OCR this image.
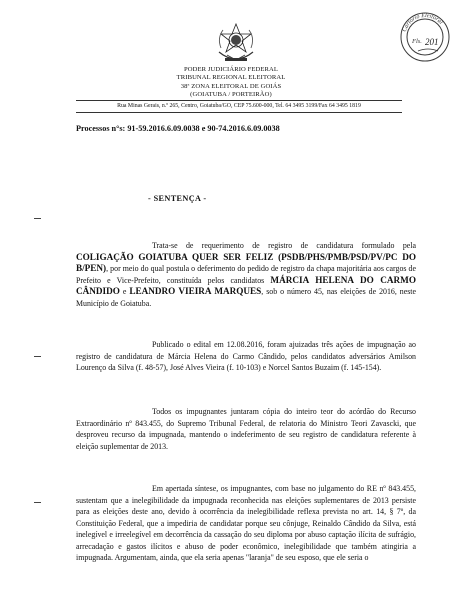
PODER JUDICIÁRIO FEDERAL
TRIBUNAL REGIONAL ELEITORAL
38ª ZONA ELEITORAL DE GOIÁS
(GOIATUBA / PORTEIRÃO)
Rua Minas Gerais, n.º 265, Centro, Goiatuba/GO, CEP 75.600-000, Tel. 64 3495 3199/Fax 64 3495 1819
Cartório Eleitoral
Fls. 201
Processos n°s: 91-59.2016.6.09.0038 e 90-74.2016.6.09.0038
- SENTENÇA -
Trata-se de requerimento de registro de candidatura formulado pela COLIGAÇÃO GOIATUBA QUER SER FELIZ (PSDB/PHS/PMB/PSD/PV/PC DO B/PEN), por meio do qual postula o deferimento do pedido de registro da chapa majoritária aos cargos de Prefeito e Vice-Prefeito, constituída pelos candidatos MÁRCIA HELENA DO CARMO CÂNDIDO e LEANDRO VIEIRA MARQUES, sob o número 45, nas eleições de 2016, neste Município de Goiatuba.
Publicado o edital em 12.08.2016, foram ajuizadas três ações de impugnação ao registro de candidatura de Márcia Helena do Carmo Cândido, pelos candidatos adversários Amilson Lourenço da Silva (f. 48-57), José Alves Vieira (f. 10-103) e Norcel Santos Buzaim (f. 145-154).
Todos os impugnantes juntaram cópia do inteiro teor do acórdão do Recurso Extraordinário nº 843.455, do Supremo Tribunal Federal, de relatoria do Ministro Teori Zavascki, que desproveu recurso da impugnada, mantendo o indeferimento de seu registro de candidatura referente à eleição suplementar de 2013.
Em apertada síntese, os impugnantes, com base no julgamento do RE nº 843.455, sustentam que a inelegibilidade da impugnada reconhecida nas eleições suplementares de 2013 persiste para as eleições deste ano, devido à ocorrência da inelegibilidade reflexa prevista no art. 14, § 7º, da Constituição Federal, que a impediria de candidatar porque seu cônjuge, Reinaldo Cândido da Silva, está inelegível e irreelegível em decorrência da cassação do seu diploma por abuso captação ilícita de sufrágio, arrecadação e gastos ilícitos e abuso de poder econômico, inelegibilidade que também atingiria a impugnada. Argumentam, ainda, que ela seria apenas "laranja" de seu esposo, que ele seria o
